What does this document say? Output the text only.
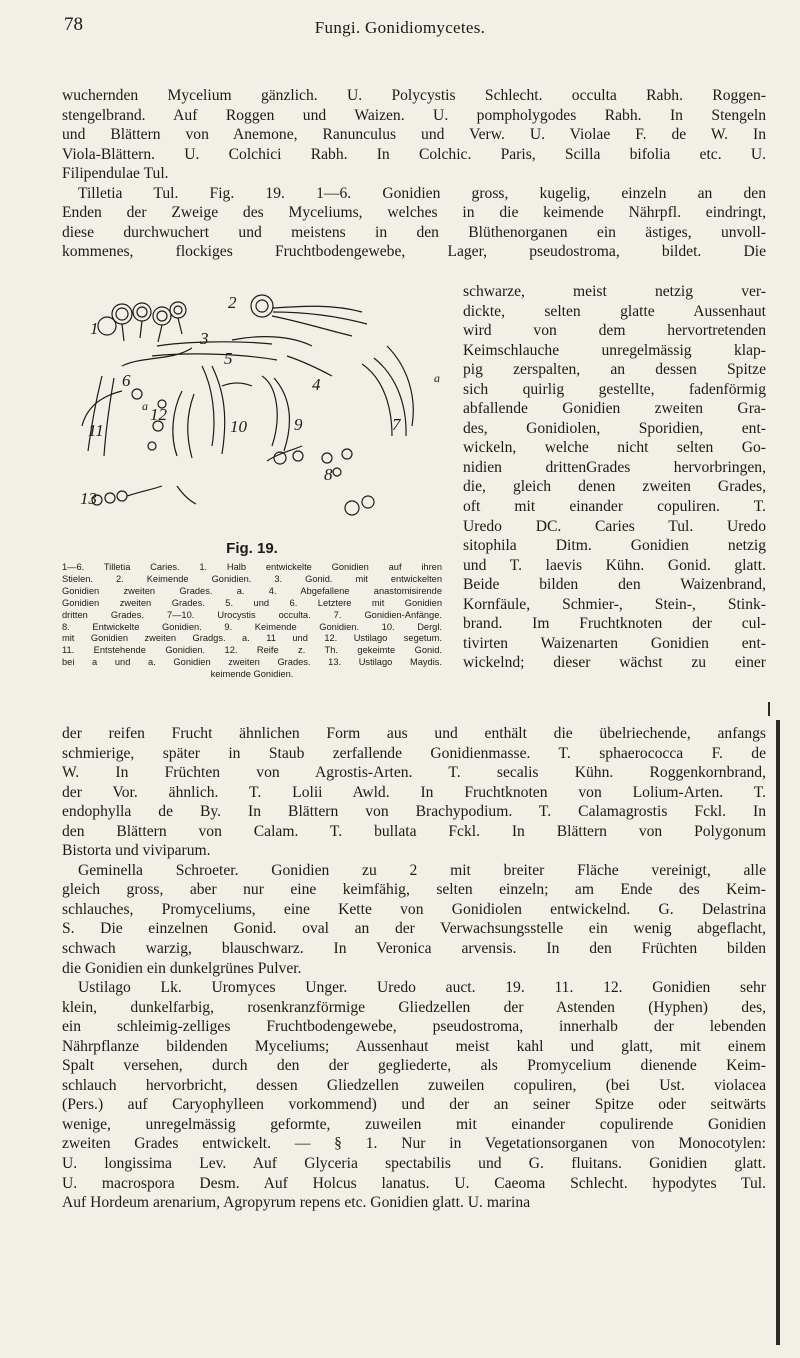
78	Fungi. Gonidiomycetes.
wuchernden Mycelium gänzlich. U. Polycystis Schlecht. occulta Rabh. Roggen-
stengelbrand. Auf Roggen und Waizen. U. pompholygodes Rabh. In Stengeln
und Blättern von Anemone, Ranunculus und Verw. U. Violae F. de W. In
Viola-Blättern. U. Colchici Rabh. In Colchic. Paris, Scilla bifolia etc. U.
Filipendulae Tul.
Tilletia Tul. Fig. 19. 1—6. Gonidien gross, kugelig, einzeln an den
Enden der Zweige des Myceliums, welches in die keimende Nährpfl. eindringt,
diese durchwuchert und meistens in den Blüthenorganen ein ästiges, unvoll-
kommenes, flockiges Fruchtbodengewebe, Lager, pseudostroma, bildet. Die
1
2
3
4
5
6
7
8
9
10
11
12
13
a
a
Fig. 19.
1—6. Tilletia Caries. 1. Halb entwickelte Gonidien auf ihren
Stielen. 2. Keimende Gonidien. 3. Gonid. mit entwickelten
Gonidien zweiten Grades. a. 4. Abgefallene anastomisirende
Gonidien zweiten Grades. 5. und 6. Letztere mit Gonidien
dritten Grades. 7—10. Urocystis occulta. 7. Gonidien-Anfänge.
8. Entwickelte Gonidien. 9. Keimende Gonidien. 10. Dergl.
mit Gonidien zweiten Gradgs. a. 11 und 12. Ustilago segetum.
11. Entstehende Gonidien. 12. Reife z. Th. gekeimte Gonid.
bei a und a. Gonidien zweiten Grades. 13. Ustilago Maydis.
keimende Gonidien.
schwarze, meist netzig ver-
dickte, selten glatte Aussenhaut
wird von dem hervortretenden
Keimschlauche unregelmässig klap-
pig zerspalten, an dessen Spitze
sich quirlig gestellte, fadenförmig
abfallende Gonidien zweiten Gra-
des, Gonidiolen, Sporidien, ent-
wickeln, welche nicht selten Go-
nidien drittenGrades hervorbringen,
die, gleich denen zweiten Grades,
oft mit einander copuliren. T.
Uredo DC. Caries Tul. Uredo
sitophila Ditm. Gonidien netzig
und T. laevis Kühn. Gonid. glatt.
Beide bilden den Waizenbrand,
Kornfäule, Schmier-, Stein-, Stink-
brand. Im Fruchtknoten der cul-
tivirten Waizenarten Gonidien ent-
wickelnd; dieser wächst zu einer
der reifen Frucht ähnlichen Form aus und enthält die übelriechende, anfangs
schmierige, später in Staub zerfallende Gonidienmasse. T. sphaerococca F. de
W. In Früchten von Agrostis-Arten. T. secalis Kühn. Roggenkornbrand,
der Vor. ähnlich. T. Lolii Awld. In Fruchtknoten von Lolium-Arten. T.
endophylla de By. In Blättern von Brachypodium. T. Calamagrostis Fckl. In
den Blättern von Calam. T. bullata Fckl. In Blättern von Polygonum
Bistorta und viviparum.
Geminella Schroeter. Gonidien zu 2 mit breiter Fläche vereinigt, alle
gleich gross, aber nur eine keimfähig, selten einzeln; am Ende des Keim-
schlauches, Promyceliums, eine Kette von Gonidiolen entwickelnd. G. Delastrina
S. Die einzelnen Gonid. oval an der Verwachsungsstelle ein wenig abgeflacht,
schwach warzig, blauschwarz. In Veronica arvensis. In den Früchten bilden
die Gonidien ein dunkelgrünes Pulver.
Ustilago Lk. Uromyces Unger. Uredo auct. 19. 11. 12. Gonidien sehr
klein, dunkelfarbig, rosenkranzförmige Gliedzellen der Astenden (Hyphen) des,
ein schleimig-zelliges Fruchtbodengewebe, pseudostroma, innerhalb der lebenden
Nährpflanze bildenden Myceliums; Aussenhaut meist kahl und glatt, mit einem
Spalt versehen, durch den der gegliederte, als Promycelium dienende Keim-
schlauch hervorbricht, dessen Gliedzellen zuweilen copuliren, (bei Ust. violacea
(Pers.) auf Caryophylleen vorkommend) und der an seiner Spitze oder seitwärts
wenige, unregelmässig geformte, zuweilen mit einander copulirende Gonidien
zweiten Grades entwickelt. — § 1. Nur in Vegetationsorganen von Monocotylen:
U. longissima Lev. Auf Glyceria spectabilis und G. fluitans. Gonidien glatt.
U. macrospora Desm. Auf Holcus lanatus. U. Caeoma Schlecht. hypodytes Tul.
Auf Hordeum arenarium, Agropyrum repens etc. Gonidien glatt. U. marina
